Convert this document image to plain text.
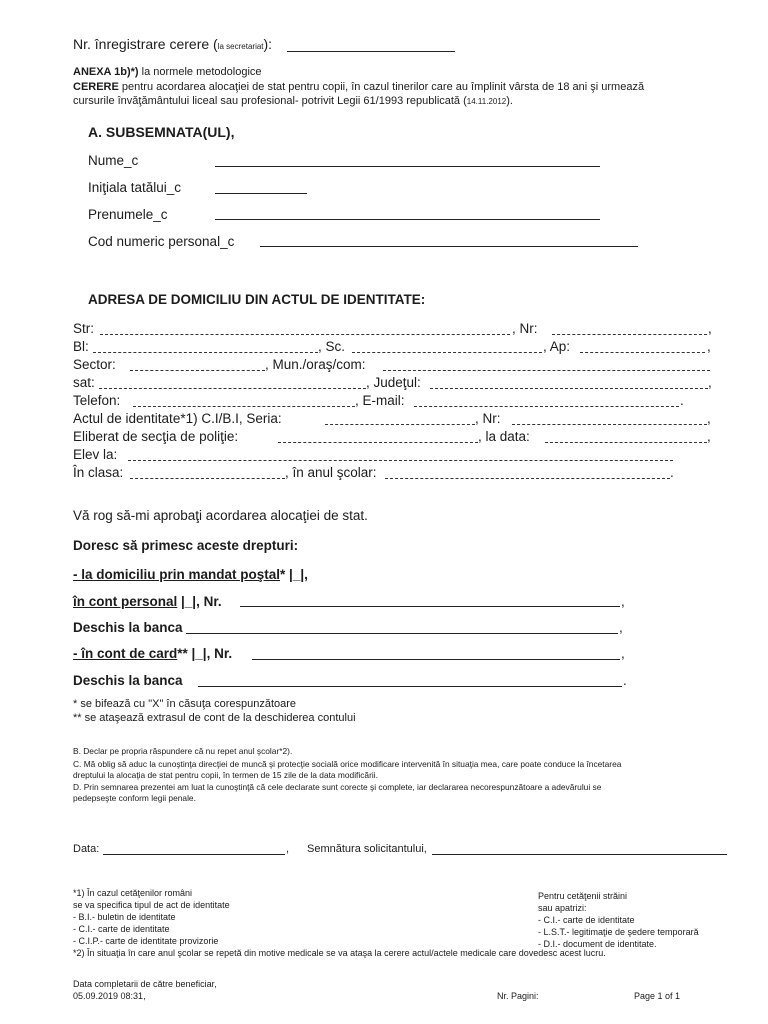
Nr. înregistrare cerere (la secretariat):
ANEXA 1b)*) la normele metodologice
CERERE pentru acordarea alocaţiei de stat pentru copii, în cazul tinerilor care au împlinit vârsta de 18 ani şi urmează
cursurile învăţământului liceal sau profesional- potrivit Legii 61/1993 republicată (14.11.2012).
A. SUBSEMNATA(UL),
Nume_c
Iniţiala tatălui_c
Prenumele_c
Cod numeric personal_c
ADRESA DE DOMICILIU DIN ACTUL DE IDENTITATE:
Str:	, Nr:	,
Bl:	, Sc.	, Ap:	,
Sector:	, Mun./oraş/com:
sat:	, Judeţul:	,
Telefon:	, E-mail:	.
Actul de identitate*1) C.I/B.I, Seria:	, Nr:	,
Eliberat de secţia de poliţie:	, la data:	,
Elev la:
În clasa:	, în anul şcolar:	.
Vă rog să-mi aprobaţi acordarea alocaţiei de stat.
Doresc să primesc aceste drepturi:
- la domiciliu prin mandat poştal* |_|,
în cont personal |_|, Nr.	,
Deschis la banca	,
- în cont de card** |_|, Nr.	,
Deschis la banca	.
* se bifează cu "X" în căsuţa corespunzătoare
** se ataşează extrasul de cont de la deschiderea contului
B. Declar pe propria răspundere că nu repet anul şcolar*2).
C. Mă oblig să aduc la cunoştinţa direcţiei de muncă şi protecţie socială orice modificare intervenită în situaţia mea, care poate conduce la încetarea
dreptului la alocaţia de stat pentru copii, în termen de 15 zile de la data modificării.
D. Prin semnarea prezentei am luat la cunoştinţă că cele declarate sunt corecte şi complete, iar declararea necorespunzătoare a adevărului se
pedepseşte conform legii penale.
Data:	, Semnătura solicitantului,
*1) În cazul cetăţenilor români
se va specifica tipul de act de identitate
- B.I.- buletin de identitate
- C.I.- carte de identitate
- C.I.P.- carte de identitate provizorie
Pentru cetăţenii străini
sau apatrizi:
- C.I.- carte de identitate
- L.S.T.- legitimaţie de şedere temporară
- D.I.- document de identitate.
*2) În situaţia în care anul şcolar se repetă din motive medicale se va ataşa la cerere actul/actele medicale care dovedesc acest lucru.
Data completarii de către beneficiar,
05.09.2019 08:31,	Nr. Pagini:	Page 1 of 1
